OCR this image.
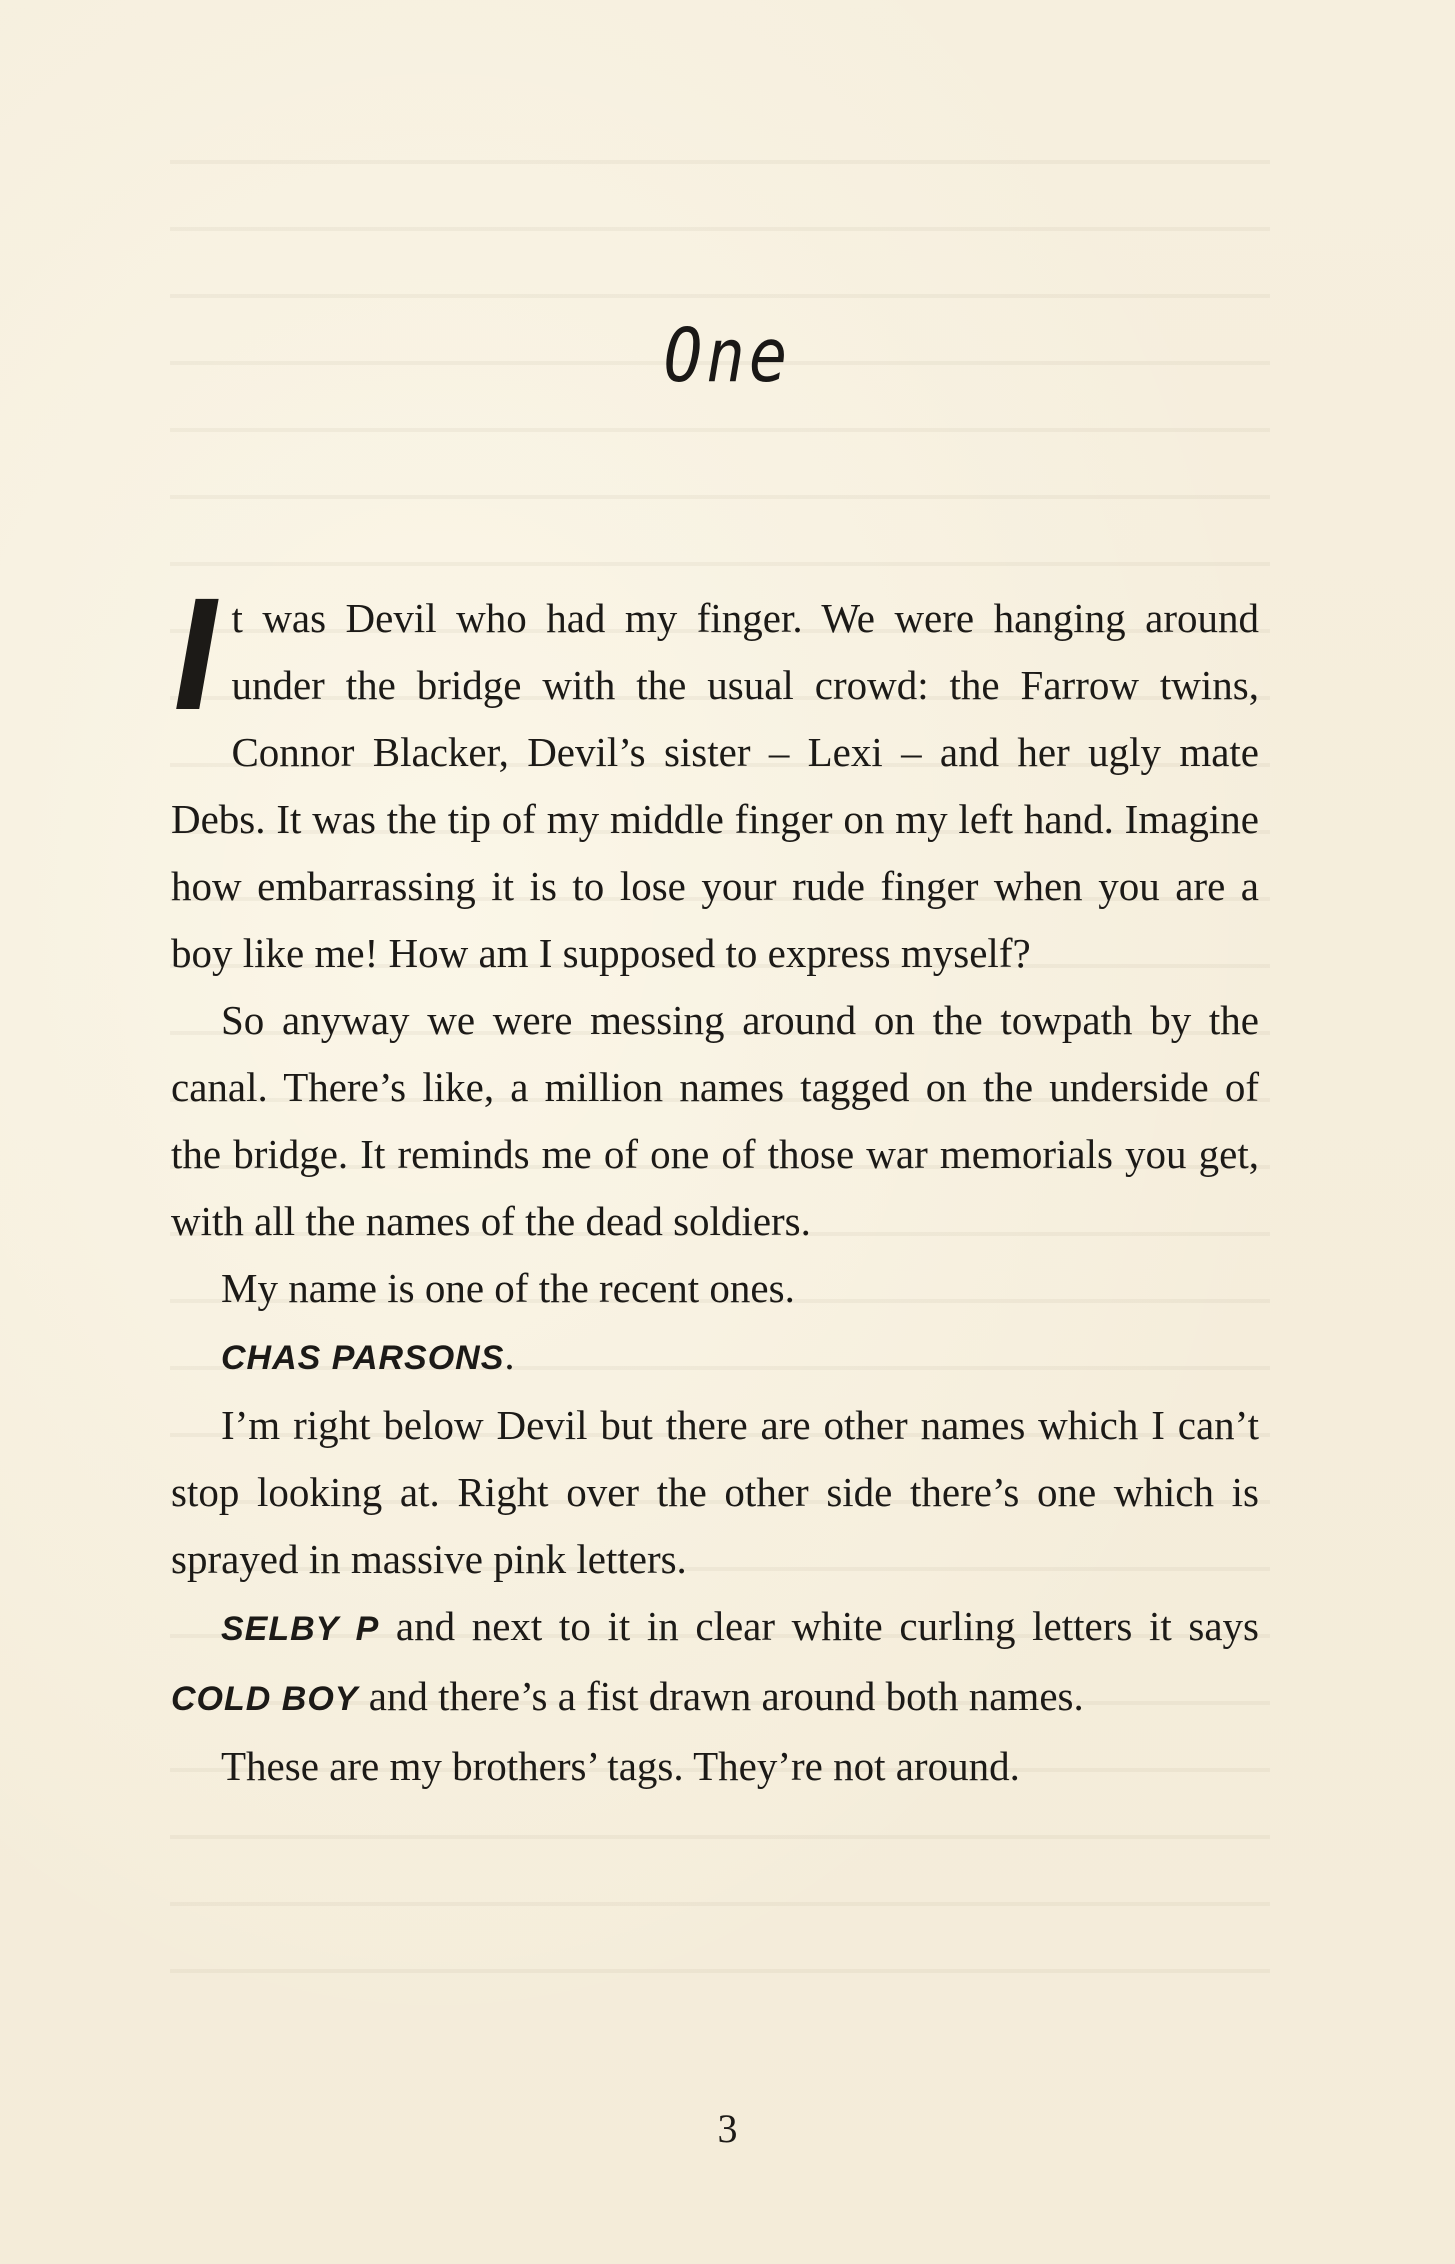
One

I
t was Devil who had my finger. We were hanging around under the bridge with the usual crowd: the Farrow twins, Connor Blacker, Devil’s sister – Lexi – and her ugly mate Debs. It was the tip of my middle finger on my left hand. Imagine how embarrassing it is to lose your rude finger when you are a boy like me! How am I supposed to express myself?

So anyway we were messing around on the towpath by the canal. There’s like, a million names tagged on the underside of the bridge. It reminds me of one of those war memorials you get, with all the names of the dead soldiers.

My name is one of the recent ones.

CHAS PARSONS.

I’m right below Devil but there are other names which I can’t stop looking at. Right over the other side there’s one which is sprayed in massive pink letters.

SELBY P and next to it in clear white curling letters it says COLD BOY and there’s a fist drawn around both names.

These are my brothers’ tags. They’re not around.

3
